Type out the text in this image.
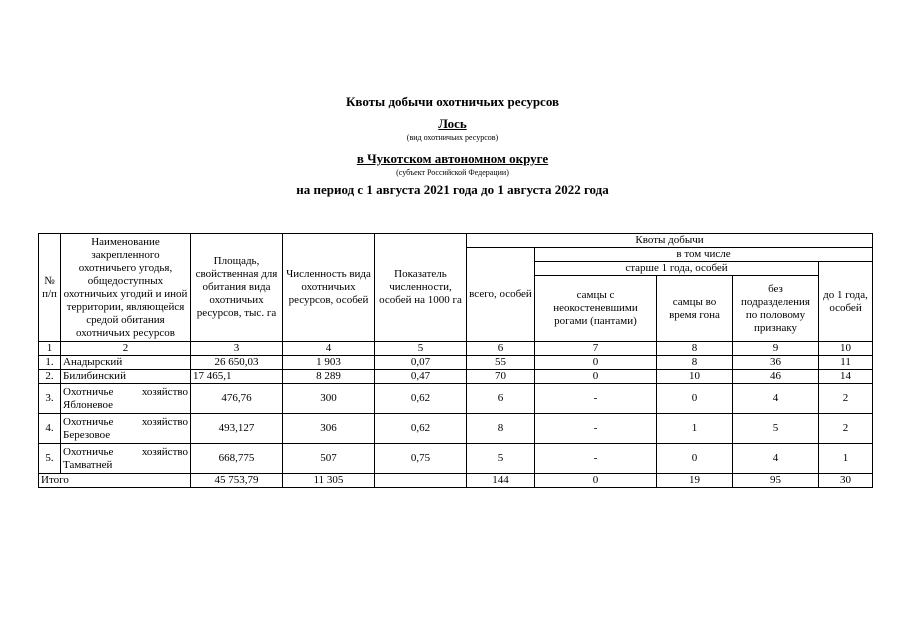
Квоты добычи охотничьих ресурсов
Лось
(вид охотничьих ресурсов)
в Чукотском автономном округе
(субъект Российской Федерации)
на период с 1 августа 2021 года до 1 августа 2022 года
№ п/п	Наименование закрепленного охотничьего угодья, общедоступных охотничьих угодий и иной территории, являющейся средой обитания охотничьих ресурсов	Площадь, свойственная для обитания вида охотничьих ресурсов, тыс. га	Численность вида охотничьих ресурсов, особей	Показатель численности, особей на 1000 га	Квоты добычи				
					всего, особей	в том числе			
						старше 1 года, особей			до 1 года, особей
						самцы с неокостеневшими рогами (пантами)	самцы во время гона	без подразделения по половому признаку	
1	2	3	4	5	6	7	8	9	10
1.	Анадырский	26 650,03	1 903	0,07	55	0	8	36	11
2.	Билибинский	17 465,1	8 289	0,47	70	0	10	46	14
3.	Охотничье хозяйство Яблоневое	476,76	300	0,62	6	-	0	4	2
4.	Охотничье хозяйство Березовое	493,127	306	0,62	8	-	1	5	2
5.	Охотничье хозяйство Тамватней	668,775	507	0,75	5	-	0	4	1
Итого		45 753,79	11 305		144	0	19	95	30
